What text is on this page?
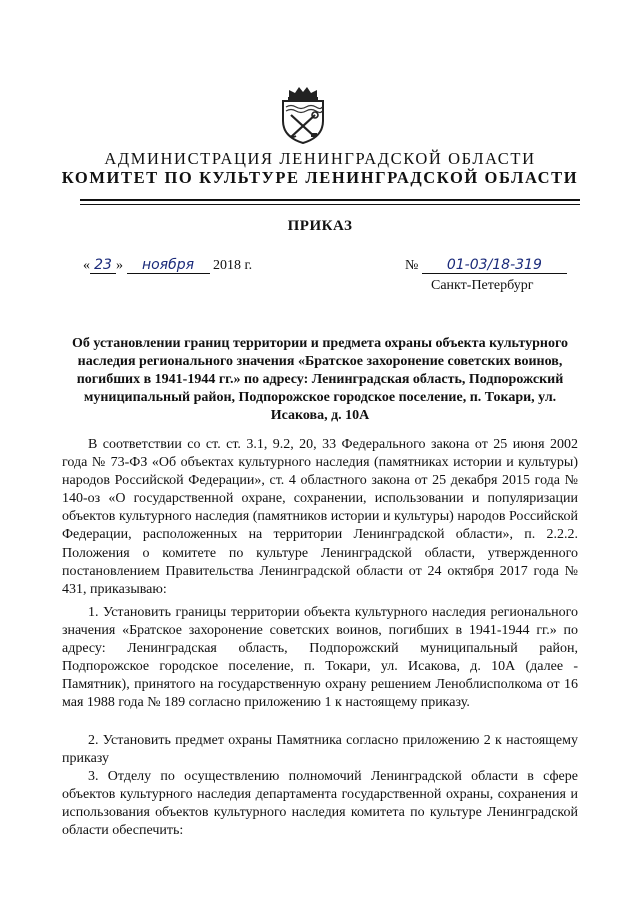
АДМИНИСТРАЦИЯ ЛЕНИНГРАДСКОЙ ОБЛАСТИ
КОМИТЕТ ПО КУЛЬТУРЕ ЛЕНИНГРАДСКОЙ ОБЛАСТИ
ПРИКАЗ
« 23 » ноября 2018 г.	№ 01-03/18-319
Санкт-Петербург
Об установлении границ территории и предмета охраны объекта культурного наследия регионального значения «Братское захоронение советских воинов, погибших в 1941-1944 гг.» по адресу: Ленинградская область, Подпорожский муниципальный район, Подпорожское городское поселение, п. Токари, ул. Исакова, д. 10А
В соответствии со ст. ст. 3.1, 9.2, 20, 33 Федерального закона от 25 июня 2002 года № 73-ФЗ «Об объектах культурного наследия (памятниках истории и культуры) народов Российской Федерации», ст. 4 областного закона от 25 декабря 2015 года № 140-оз «О государственной охране, сохранении, использовании и популяризации объектов культурного наследия (памятников истории и культуры) народов Российской Федерации, расположенных на территории Ленинградской области», п. 2.2.2. Положения о комитете по культуре Ленинградской области, утвержденного постановлением Правительства Ленинградской области от 24 октября 2017 года № 431, приказываю:
1. Установить границы территории объекта культурного наследия регионального значения «Братское захоронение советских воинов, погибших в 1941-1944 гг.» по адресу: Ленинградская область, Подпорожский муниципальный район, Подпорожское городское поселение, п. Токари, ул. Исакова, д. 10А (далее - Памятник), принятого на государственную охрану решением Леноблисполкома от 16 мая 1988 года № 189 согласно приложению 1 к настоящему приказу.
2. Установить предмет охраны Памятника согласно приложению 2 к настоящему приказу
3. Отделу по осуществлению полномочий Ленинградской области в сфере объектов культурного наследия департамента государственной охраны, сохранения и использования объектов культурного наследия комитета по культуре Ленинградской области обеспечить:
